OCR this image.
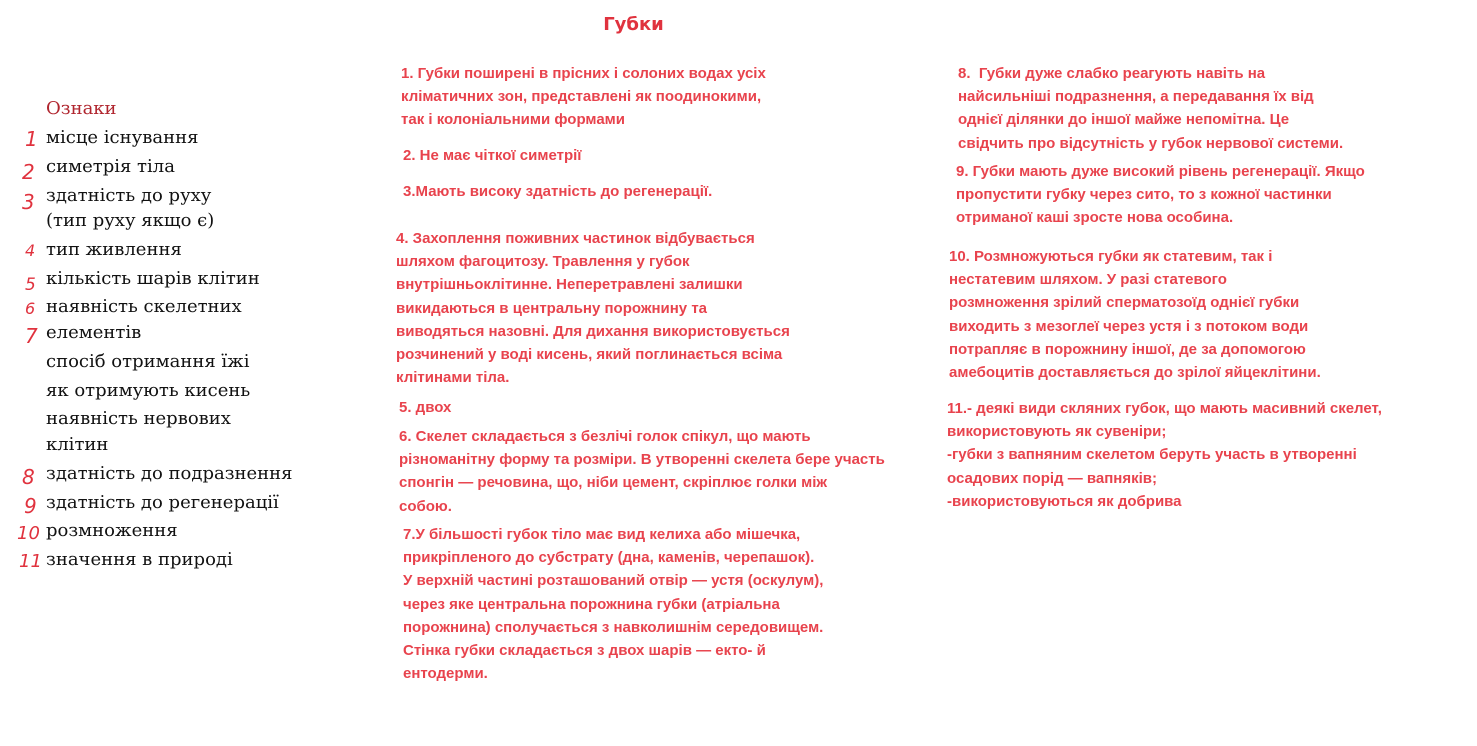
Губки
Ознаки
місце існування
симетрія тіла
здатність до руху
(тип руху якщо є)
тип живлення
кількість шарів клітин
наявність скелетних
елементів
спосіб отримання їжі
як отримують кисень
наявність нервових
клітин
здатність до подразнення
здатність до регенерації
розмноження
значення в природі
1
2
3
4
5
6
7
8
9
10
11
1. Губки поширені в прісних і солоних водах усіх
кліматичних зон, представлені як поодинокими,
так і колоніальними формами
2. Не має чіткої симетрії
3.Мають високу здатність до регенерації.
4. Захоплення поживних частинок відбувається
шляхом фагоцитозу. Травлення у губок
внутрішньоклітинне. Неперетравлені залишки
викидаються в центральну порожнину та
виводяться назовні. Для дихання використовується
розчинений у воді кисень, який поглинається всіма
клітинами тіла.
5. двох
6. Скелет складається з безлічі голок спікул, що мають
різноманітну форму та розміри. В утворенні скелета бере участь
спонгін — речовина, що, ніби цемент, скріплює голки між
собою.
7.У більшості губок тіло має вид келиха або мішечка,
прикріпленого до субстрату (дна, каменів, черепашок).
У верхній частині розташований отвір — устя (оскулум),
через яке центральна порожнина губки (атріальна
порожнина) сполучається з навколишнім середовищем.
Стінка губки складається з двох шарів — екто- й
ентодерми.
8.  Губки дуже слабко реагують навіть на
найсильніші подразнення, а передавання їх від
однієї ділянки до іншої майже непомітна. Це
свідчить про відсутність у губок нервової системи.
9. Губки мають дуже високий рівень регенерації. Якщо
пропустити губку через сито, то з кожної частинки
отриманої каші зросте нова особина.
10. Розмножуються губки як статевим, так і
нестатевим шляхом. У разі статевого
розмноження зрілий сперматозоїд однієї губки
виходить з мезоглеї через устя і з потоком води
потрапляє в порожнину іншої, де за допомогою
амебоцитів доставляється до зрілої яйцеклітини.
11.- деякі види скляних губок, що мають масивний скелет,
використовують як сувеніри;
-губки з вапняним скелетом беруть участь в утворенні
осадових порід — вапняків;
-використовуються як добрива
